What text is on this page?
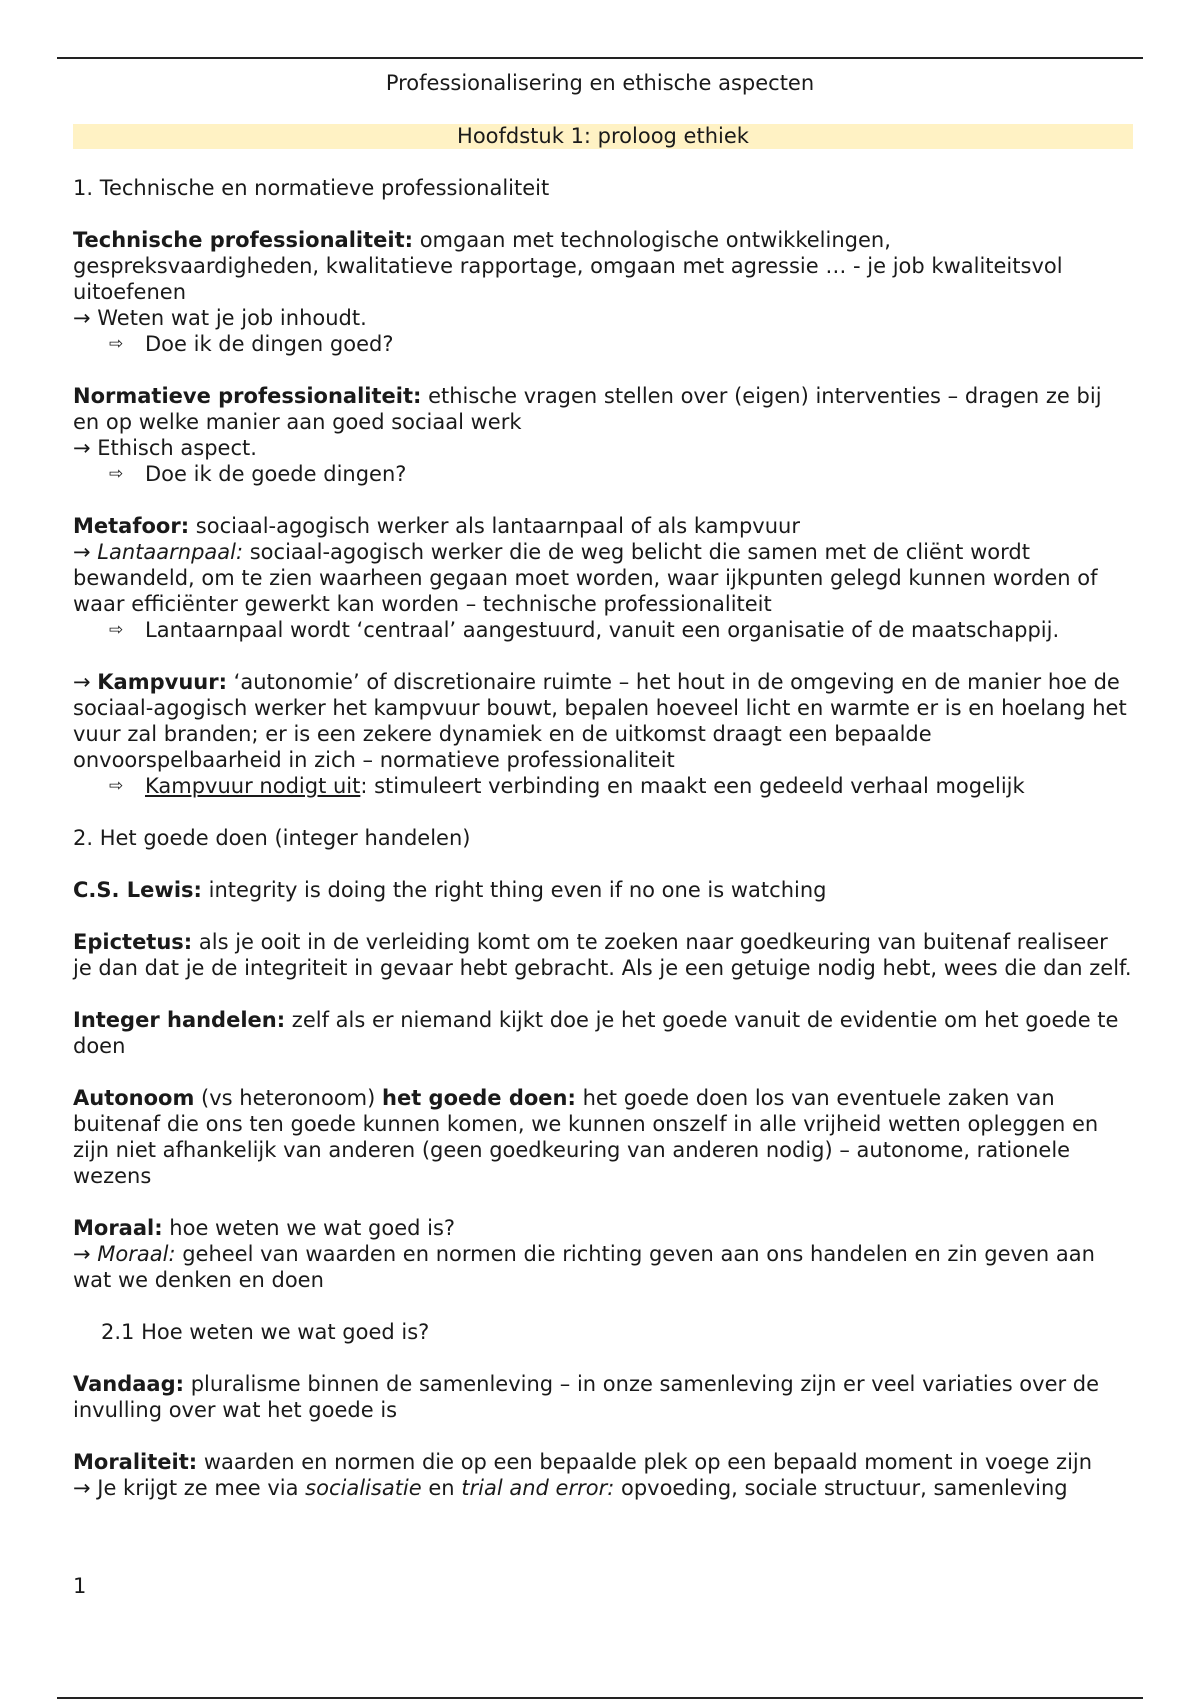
Professionalisering en ethische aspecten
Hoofdstuk 1: proloog ethiek

1. Technische en normatieve professionaliteit

Technische professionaliteit: omgaan met technologische ontwikkelingen, gespreksvaardigheden, kwalitatieve rapportage, omgaan met agressie … - je job kwaliteitsvol uitoefenen

→ Weten wat je job inhoudt.

⇨ Doe ik de dingen goed?

Normatieve professionaliteit: ethische vragen stellen over (eigen) interventies – dragen ze bij en op welke manier aan goed sociaal werk

→ Ethisch aspect.

⇨ Doe ik de goede dingen?

Metafoor: sociaal-agogisch werker als lantaarnpaal of als kampvuur

→ Lantaarnpaal: sociaal-agogisch werker die de weg belicht die samen met de cliënt wordt bewandeld, om te zien waarheen gegaan moet worden, waar ijkpunten gelegd kunnen worden of waar efficiënter gewerkt kan worden – technische professionaliteit

⇨ Lantaarnpaal wordt ‘centraal’ aangestuurd, vanuit een organisatie of de maatschappij.

→ Kampvuur: ‘autonomie’ of discretionaire ruimte – het hout in de omgeving en de manier hoe de sociaal-agogisch werker het kampvuur bouwt, bepalen hoeveel licht en warmte er is en hoelang het vuur zal branden; er is een zekere dynamiek en de uitkomst draagt een bepaalde onvoorspelbaarheid in zich – normatieve professionaliteit

⇨ Kampvuur nodigt uit: stimuleert verbinding en maakt een gedeeld verhaal mogelijk

2. Het goede doen (integer handelen)

C.S. Lewis: integrity is doing the right thing even if no one is watching

Epictetus: als je ooit in de verleiding komt om te zoeken naar goedkeuring van buitenaf realiseer je dan dat je de integriteit in gevaar hebt gebracht. Als je een getuige nodig hebt, wees die dan zelf.

Integer handelen: zelf als er niemand kijkt doe je het goede vanuit de evidentie om het goede te doen

Autonoom (vs heteronoom) het goede doen: het goede doen los van eventuele zaken van buitenaf die ons ten goede kunnen komen, we kunnen onszelf in alle vrijheid wetten opleggen en zijn niet afhankelijk van anderen (geen goedkeuring van anderen nodig) – autonome, rationele wezens

Moraal: hoe weten we wat goed is?

→ Moraal: geheel van waarden en normen die richting geven aan ons handelen en zin geven aan wat we denken en doen

2.1 Hoe weten we wat goed is?

Vandaag: pluralisme binnen de samenleving – in onze samenleving zijn er veel variaties over de invulling over wat het goede is

Moraliteit: waarden en normen die op een bepaalde plek op een bepaald moment in voege zijn

→ Je krijgt ze mee via socialisatie en trial and error: opvoeding, sociale structuur, samenleving

1
